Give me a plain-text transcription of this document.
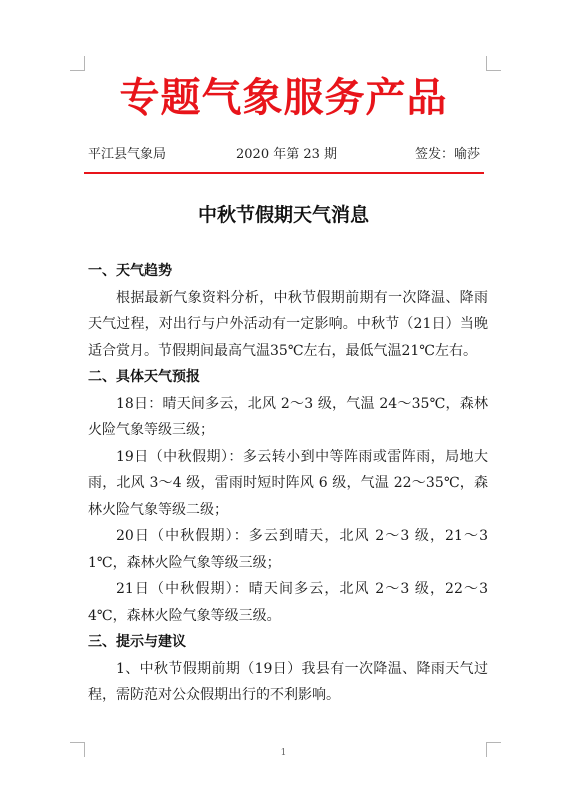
专题气象服务产品
平江县气象局	2020 年第 23 期	签发：喻莎
中秋节假期天气消息

一、天气趋势

根据最新气象资料分析，中秋节假期前期有一次降温、降雨天气过程，对出行与户外活动有一定影响。中秋节（21日）当晚适合赏月。节假期间最高气温35℃左右，最低气温21℃左右。

二、具体天气预报

18日：晴天间多云，北风 2～3 级，气温 24～35℃，森林火险气象等级三级；

19日（中秋假期）：多云转小到中等阵雨或雷阵雨，局地大雨，北风 3～4 级，雷雨时短时阵风 6 级，气温 22～35℃，森林火险气象等级二级；

20日（中秋假期）：多云到晴天，北风 2～3 级，21～31℃，森林火险气象等级三级；

21日（中秋假期）：晴天间多云，北风 2～3 级，22～34℃，森林火险气象等级三级。

三、提示与建议

1、中秋节假期前期（19日）我县有一次降温、降雨天气过程，需防范对公众假期出行的不利影响。

1
